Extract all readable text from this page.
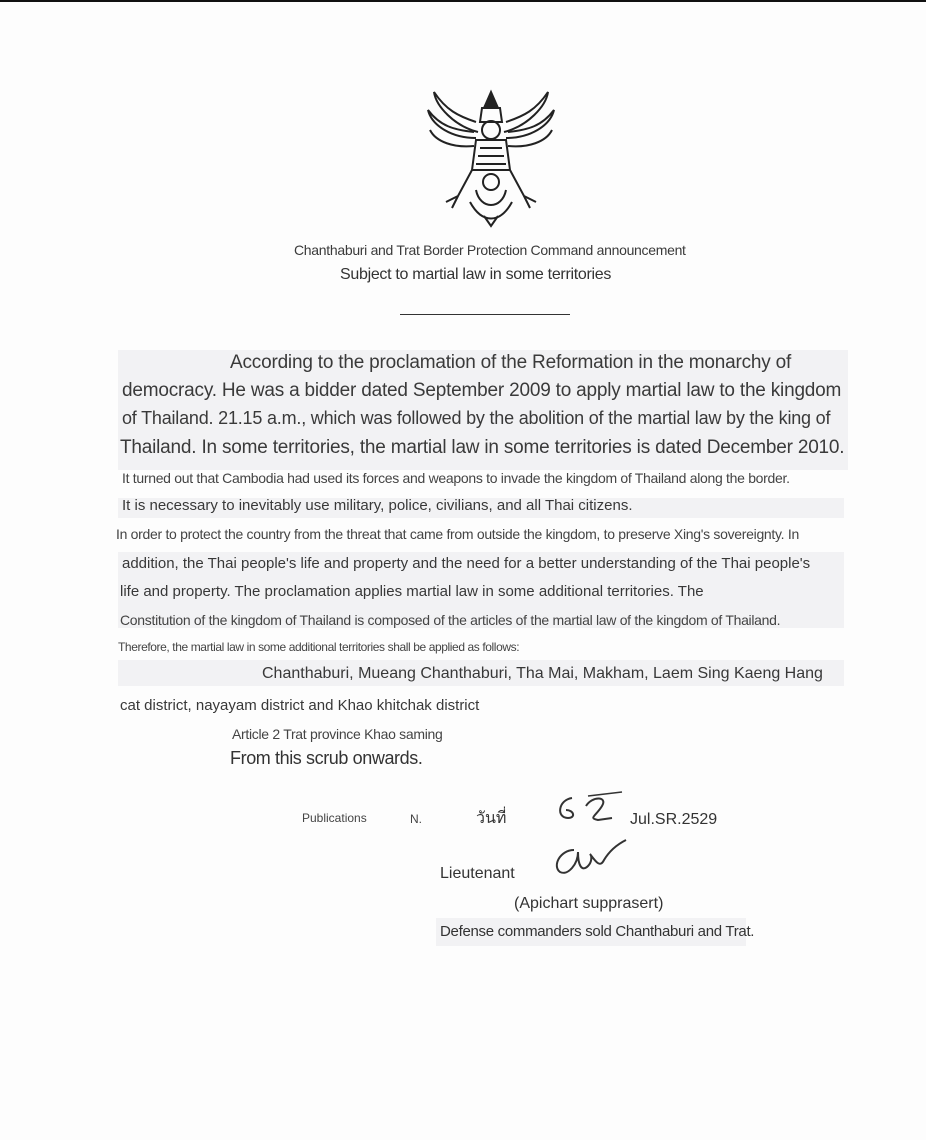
Chanthaburi and Trat Border Protection Command announcement
Subject to martial law in some territories
According to the proclamation of the Reformation in the monarchy of
democracy. He was a bidder dated September 2009 to apply martial law to the kingdom
of Thailand. 21.15 a.m., which was followed by the abolition of the martial law by the king of
Thailand. In some territories, the martial law in some territories is dated December 2010.
It turned out that Cambodia had used its forces and weapons to invade the kingdom of Thailand along the border.
It is necessary to inevitably use military, police, civilians, and all Thai citizens.
In order to protect the country from the threat that came from outside the kingdom, to preserve Xing's sovereignty. In
addition, the Thai people's life and property and the need for a better understanding of the Thai people's
life and property. The proclamation applies martial law in some additional territories. The
Constitution of the kingdom of Thailand is composed of the articles of the martial law of the kingdom of Thailand.
Therefore, the martial law in some additional territories shall be applied as follows:
Chanthaburi, Mueang Chanthaburi, Tha Mai, Makham, Laem Sing Kaeng Hang
cat district, nayayam district and Khao khitchak district
Article 2 Trat province Khao saming
From this scrub onwards.
Publications	N.	วันที่	Jul.SR.2529
Lieutenant
(Apichart supprasert)
Defense commanders sold Chanthaburi and Trat.
